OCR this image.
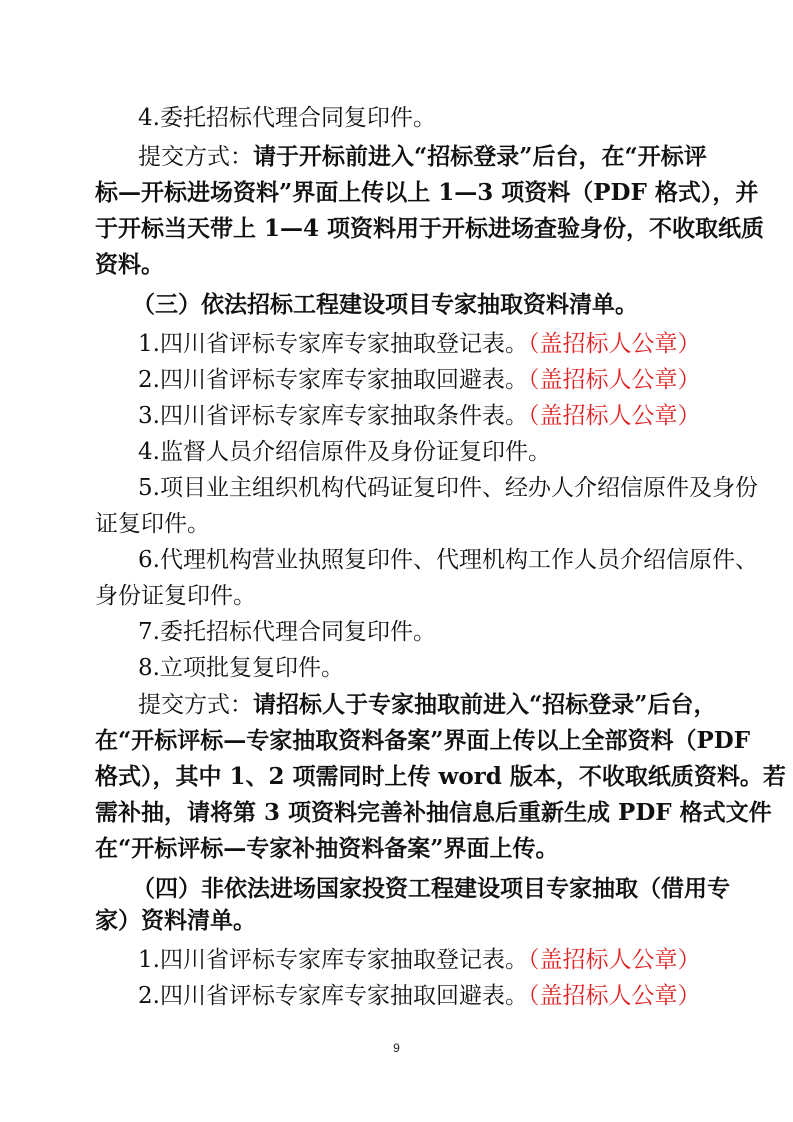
4.委托招标代理合同复印件。
提交方式：请于开标前进入“招标登录”后台，在“开标评
标—开标进场资料”界面上传以上 1—3 项资料（PDF 格式），并
于开标当天带上 1—4 项资料用于开标进场查验身份，不收取纸质
资料。
（三）依法招标工程建设项目专家抽取资料清单。
1.四川省评标专家库专家抽取登记表。（盖招标人公章）
2.四川省评标专家库专家抽取回避表。（盖招标人公章）
3.四川省评标专家库专家抽取条件表。（盖招标人公章）
4.监督人员介绍信原件及身份证复印件。
5.项目业主组织机构代码证复印件、经办人介绍信原件及身份
证复印件。
6.代理机构营业执照复印件、代理机构工作人员介绍信原件、
身份证复印件。
7.委托招标代理合同复印件。
8.立项批复复印件。
提交方式：请招标人于专家抽取前进入“招标登录”后台，
在“开标评标—专家抽取资料备案”界面上传以上全部资料（PDF
格式），其中 1、2 项需同时上传 word 版本，不收取纸质资料。若
需补抽，请将第 3 项资料完善补抽信息后重新生成 PDF 格式文件
在“开标评标—专家补抽资料备案”界面上传。
（四）非依法进场国家投资工程建设项目专家抽取（借用专
家）资料清单。
1.四川省评标专家库专家抽取登记表。（盖招标人公章）
2.四川省评标专家库专家抽取回避表。（盖招标人公章）
9
